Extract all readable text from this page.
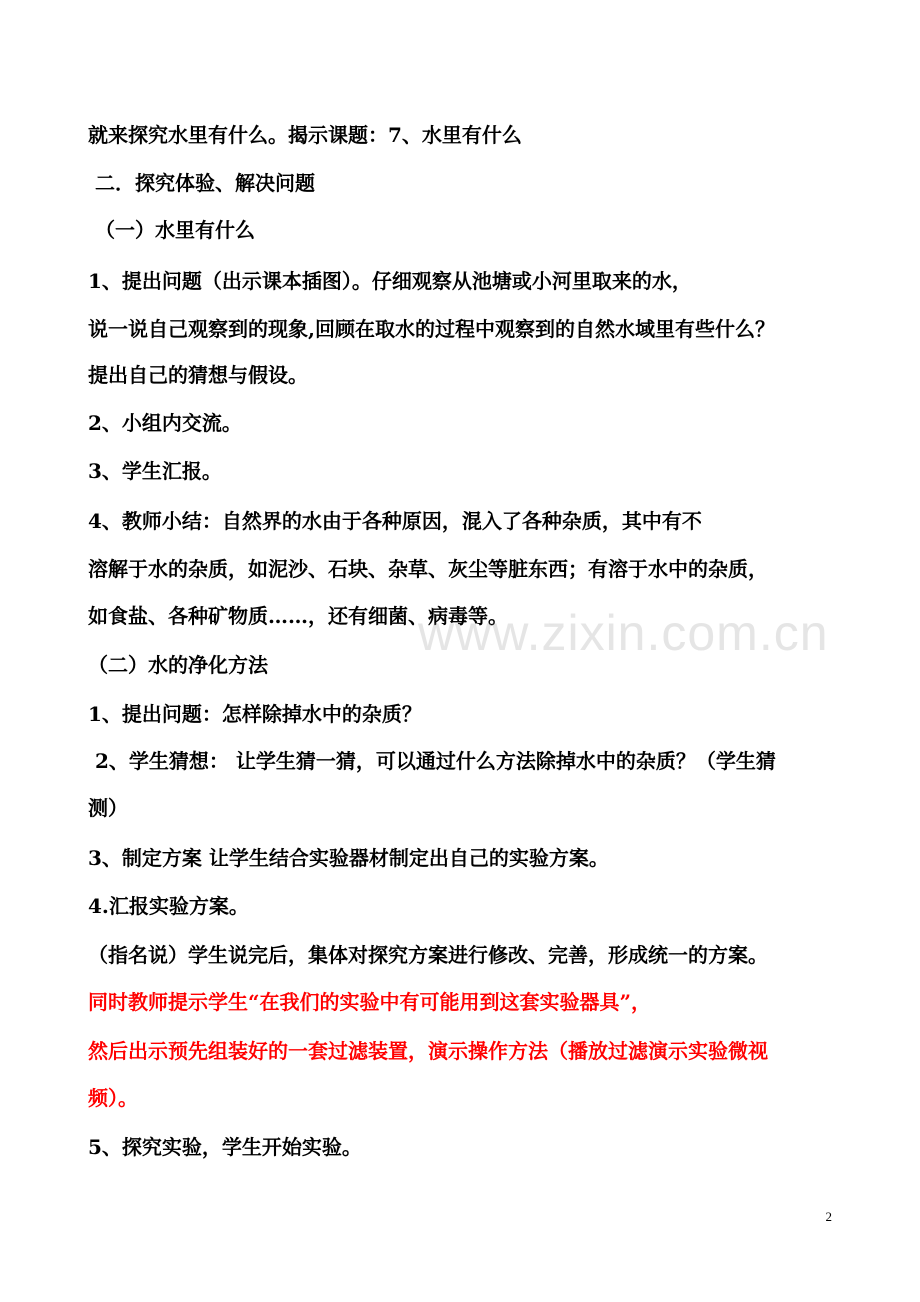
就来探究水里有什么。揭示课题：7、水里有什么
二．探究体验、解决问题
（一）水里有什么
1、提出问题（出示课本插图）。仔细观察从池塘或小河里取来的水，
说一说自己观察到的现象,回顾在取水的过程中观察到的自然水域里有些什么？
提出自己的猜想与假设。
2、小组内交流。
3、学生汇报。
4、教师小结：自然界的水由于各种原因，混入了各种杂质，其中有不
溶解于水的杂质，如泥沙、石块、杂草、灰尘等脏东西；有溶于水中的杂质，
如食盐、各种矿物质……，还有细菌、病毒等。
（二）水的净化方法
1、提出问题：怎样除掉水中的杂质？
2、学生猜想： 让学生猜一猜，可以通过什么方法除掉水中的杂质？（学生猜
测）
3、制定方案 让学生结合实验器材制定出自己的实验方案。
4.汇报实验方案。
（指名说）学生说完后，集体对探究方案进行修改、完善，形成统一的方案。
同时教师提示学生“在我们的实验中有可能用到这套实验器具”，
然后出示预先组装好的一套过滤装置，演示操作方法（播放过滤演示实验微视
频）。
5、探究实验，学生开始实验。
www.zixin.com.cn
2
